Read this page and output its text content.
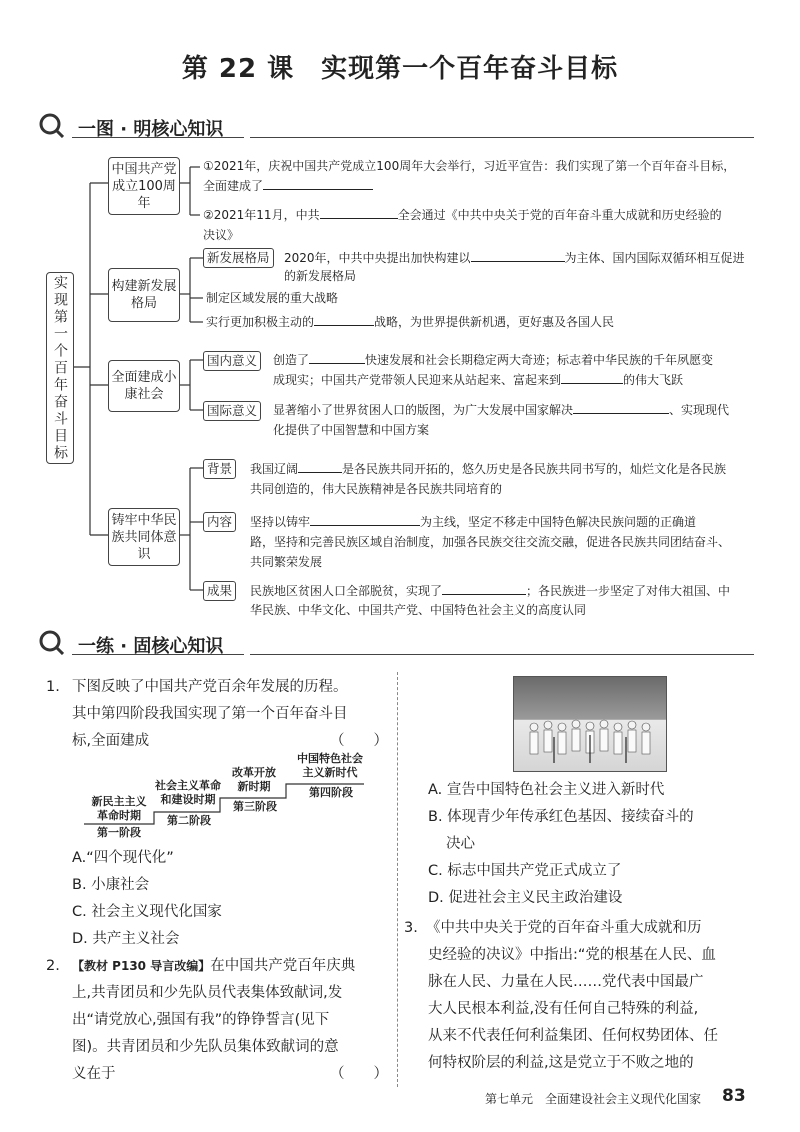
第 22 课　实现第一个百年奋斗目标
一图 · 明核心知识
实现第一个百年奋斗目标
中国共产党成立100周年
①2021年，庆祝中国共产党成立100周年大会举行，习近平宣告：我们实现了第一个百年奋斗目标，
全面建成了
②2021年11月，中共	全会通过《中共中央关于党的百年奋斗重大成就和历史经验的
决议》
构建新发展格局
新发展格局	2020年，中共中央提出加快构建以	为主体、国内国际双循环相互促进
的新发展格局
制定区域发展的重大战略
实行更加积极主动的	战略，为世界提供新机遇，更好惠及各国人民
全面建成小康社会
国内意义	创造了	快速发展和社会长期稳定两大奇迹；标志着中华民族的千年夙愿变
成现实；中国共产党带领人民迎来从站起来、富起来到	的伟大飞跃
国际意义	显著缩小了世界贫困人口的版图，为广大发展中国家解决	、实现现代
化提供了中国智慧和中国方案
铸牢中华民族共同体意识
背景	我国辽阔	是各民族共同开拓的，悠久历史是各民族共同书写的，灿烂文化是各民族
共同创造的，伟大民族精神是各民族共同培育的
内容	坚持以铸牢	为主线，坚定不移走中国特色解决民族问题的正确道
路，坚持和完善民族区域自治制度，加强各民族交往交流交融，促进各民族共同团结奋斗、
共同繁荣发展
成果	民族地区贫困人口全部脱贫，实现了	；各民族进一步坚定了对伟大祖国、中
华民族、中华文化、中国共产党、中国特色社会主义的高度认同
一练 · 固核心知识
1. 下图反映了中国共产党百余年发展的历程。
其中第四阶段我国实现了第一个百年奋斗目
标,全面建成	（　　）
新民主主义
革命时期
第一阶段
社会主义革命
和建设时期
第二阶段
改革开放
新时期
第三阶段
中国特色社会
主义新时代
第四阶段
A.“四个现代化”
B. 小康社会
C. 社会主义现代化国家
D. 共产主义社会
2. 【教材 P130 导言改编】在中国共产党百年庆典
上,共青团员和少先队员代表集体致献词,发
出“请党放心,强国有我”的铮铮誓言(见下
图)。共青团员和少先队员集体致献词的意
义在于	（　　）
A. 宣告中国特色社会主义进入新时代
B. 体现青少年传承红色基因、接续奋斗的
决心
C. 标志中国共产党正式成立了
D. 促进社会主义民主政治建设
3. 《中共中央关于党的百年奋斗重大成就和历
史经验的决议》中指出:“党的根基在人民、血
脉在人民、力量在人民……党代表中国最广
大人民根本利益,没有任何自己特殊的利益,
从来不代表任何利益集团、任何权势团体、任
何特权阶层的利益,这是党立于不败之地的
第七单元　全面建设社会主义现代化国家 83
